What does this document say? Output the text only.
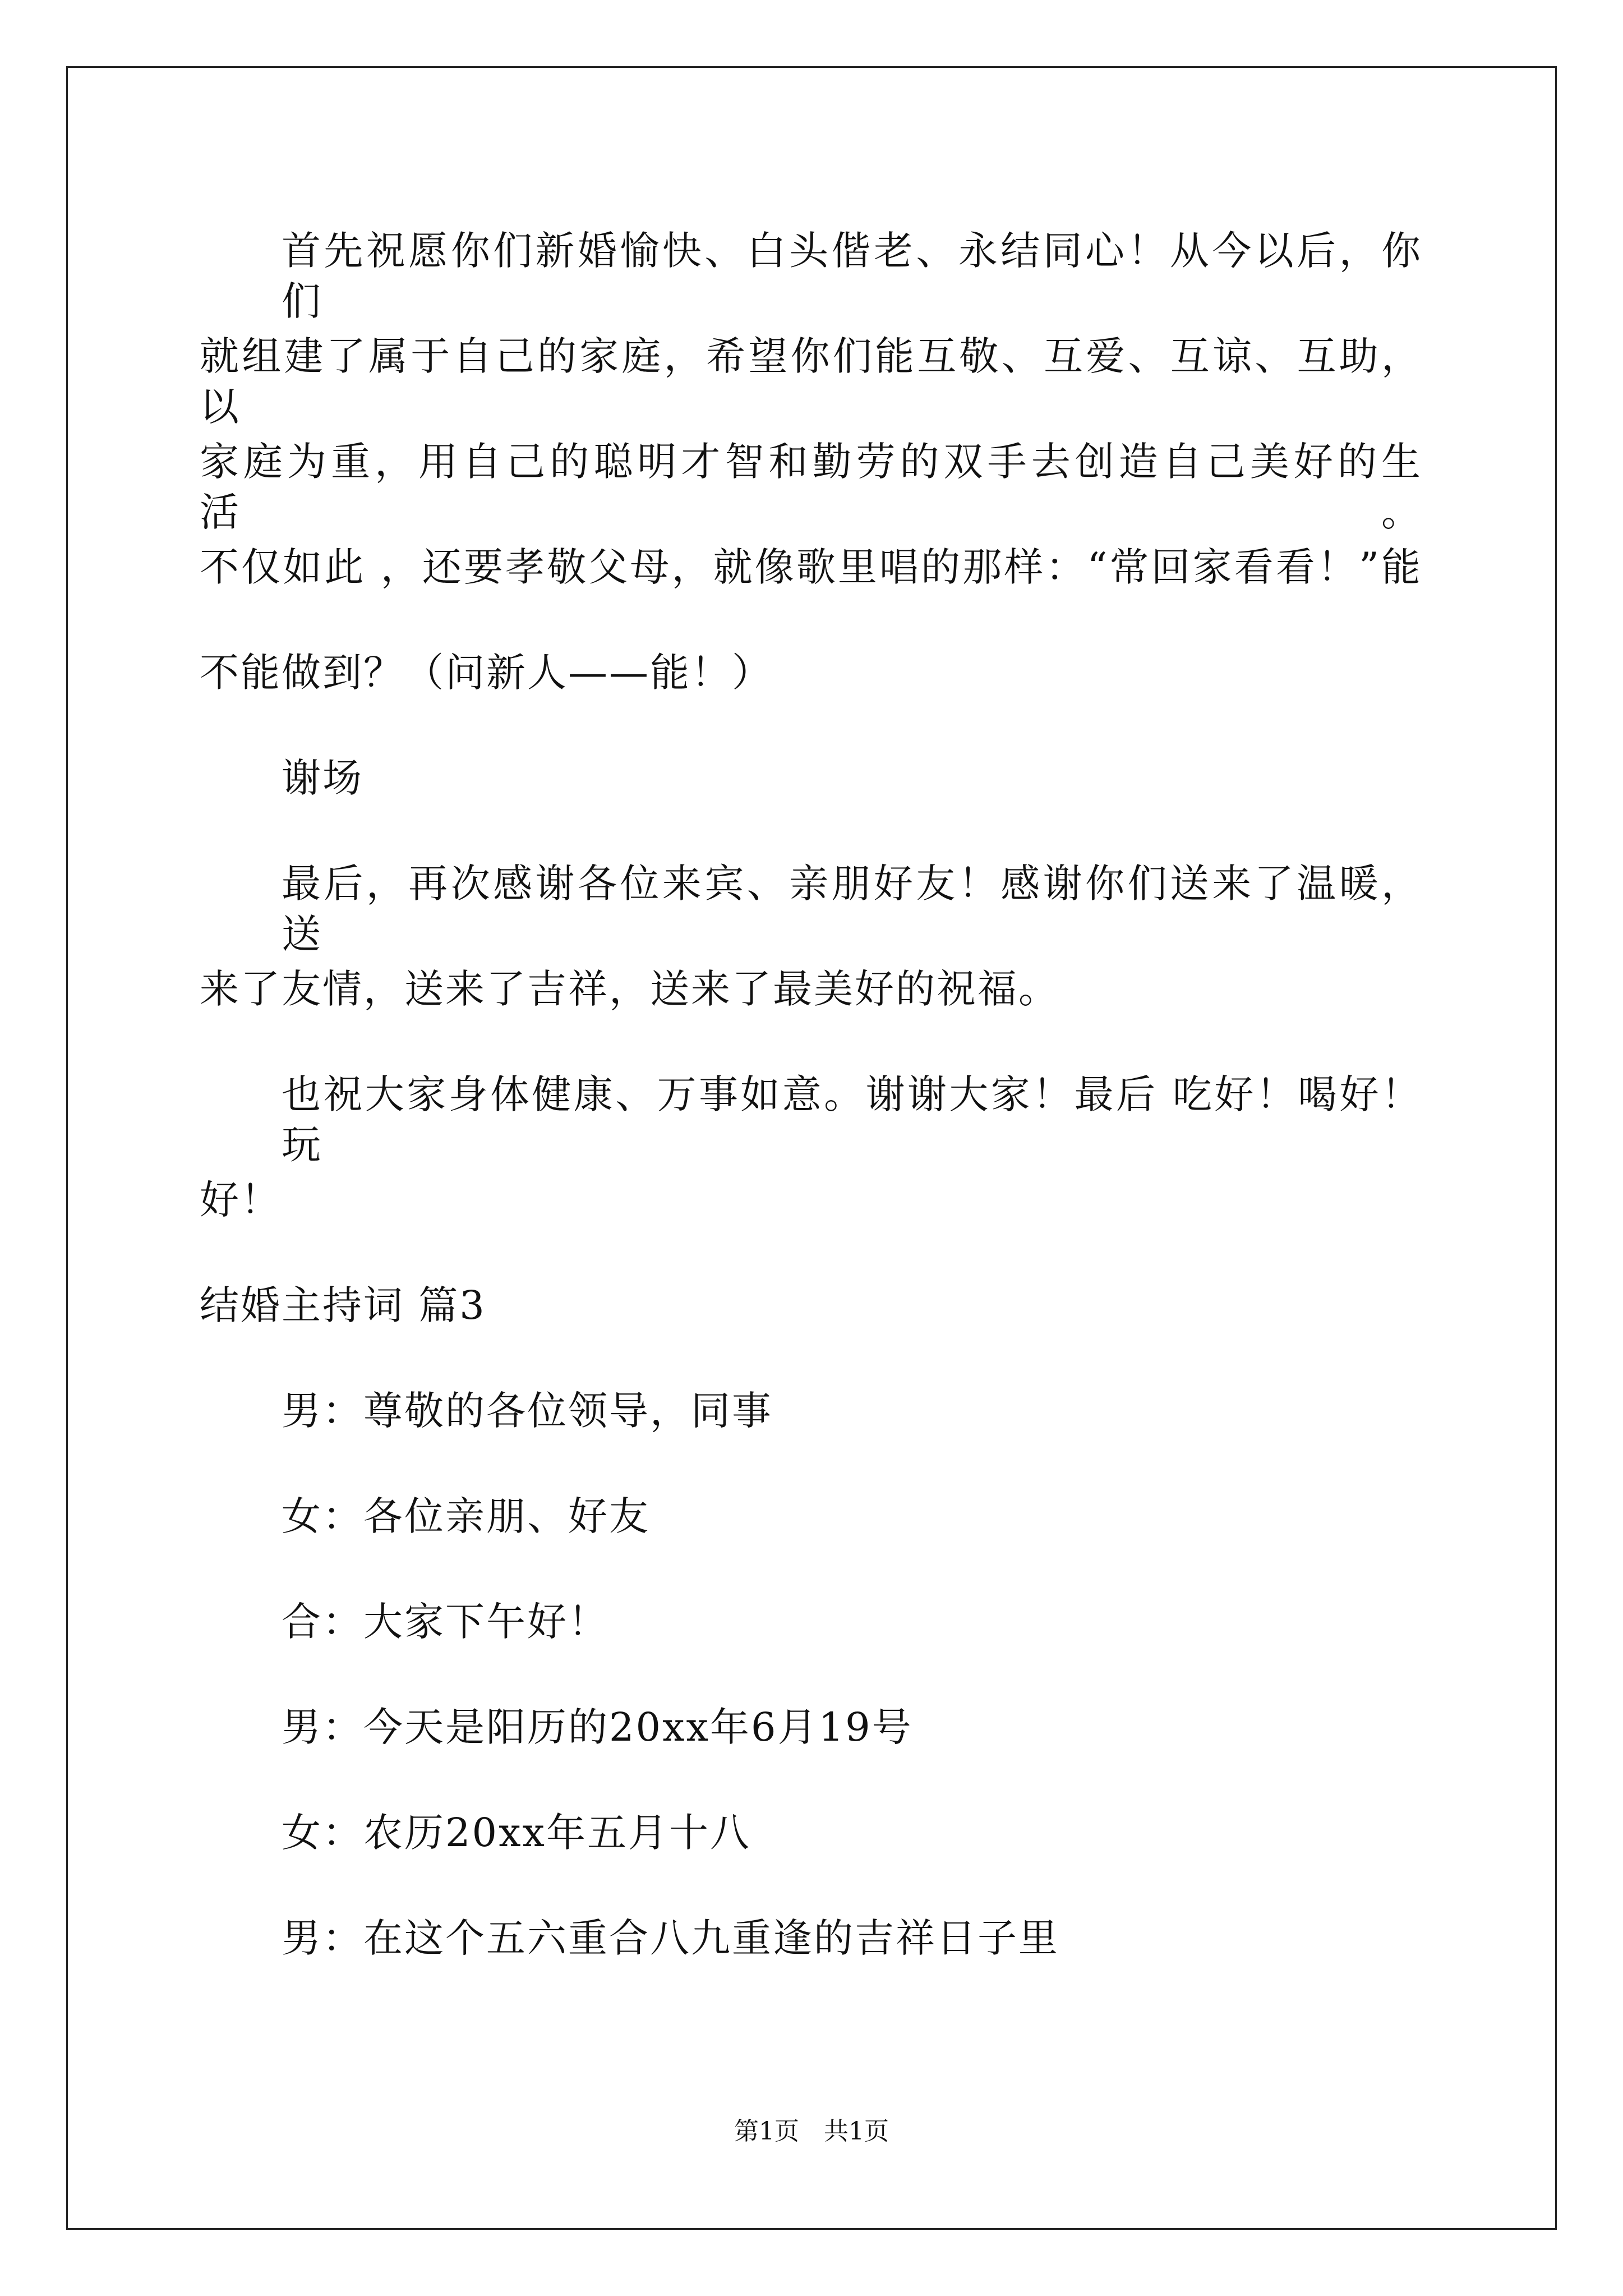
首先祝愿你们新婚愉快、白头偕老、永结同心！从今以后，你们
就组建了属于自己的家庭，希望你们能互敬、互爱、互谅、互助，以
家庭为重，用自己的聪明才智和勤劳的双手去创造自己美好的生活。
不仅如此 ，还要孝敬父母，就像歌里唱的那样：“常回家看看！”能
不能做到？（问新人——能！）
谢场
最后，再次感谢各位来宾、亲朋好友！感谢你们送来了温暖，送
来了友情，送来了吉祥，送来了最美好的祝福。
也祝大家身体健康、万事如意。谢谢大家！最后 吃好！喝好！玩
好！
结婚主持词 篇3
男：尊敬的各位领导，同事
女：各位亲朋、好友
合：大家下午好！
男：今天是阳历的20xx年6月19号
女：农历20xx年五月十八
男：在这个五六重合八九重逢的吉祥日子里
第1页　共1页
